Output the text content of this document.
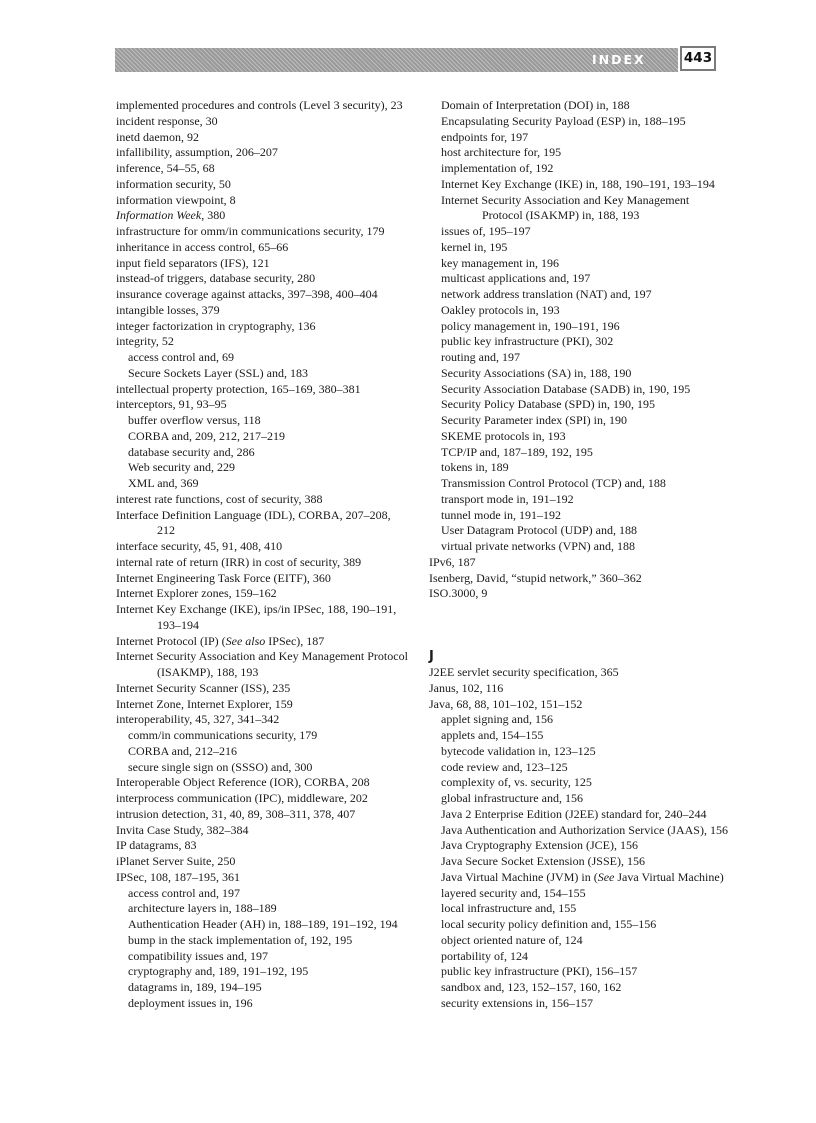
INDEX	443

implemented procedures and controls (Level 3 security), 23

incident response, 30

inetd daemon, 92

infallibility, assumption, 206–207

inference, 54–55, 68

information security, 50

information viewpoint, 8

Information Week, 380

infrastructure for omm/in communications security, 179

inheritance in access control, 65–66

input field separators (IFS), 121

instead-of triggers, database security, 280

insurance coverage against attacks, 397–398, 400–404

intangible losses, 379

integer factorization in cryptography, 136

integrity, 52

access control and, 69

Secure Sockets Layer (SSL) and, 183

intellectual property protection, 165–169, 380–381

interceptors, 91, 93–95

buffer overflow versus, 118

CORBA and, 209, 212, 217–219

database security and, 286

Web security and, 229

XML and, 369

interest rate functions, cost of security, 388

Interface Definition Language (IDL), CORBA, 207–208, 212

interface security, 45, 91, 408, 410

internal rate of return (IRR) in cost of security, 389

Internet Engineering Task Force (EITF), 360

Internet Explorer zones, 159–162

Internet Key Exchange (IKE), ips/in IPSec, 188, 190–191, 193–194

Internet Protocol (IP) (See also IPSec), 187

Internet Security Association and Key Management Protocol (ISAKMP), 188, 193

Internet Security Scanner (ISS), 235

Internet Zone, Internet Explorer, 159

interoperability, 45, 327, 341–342

comm/in communications security, 179

CORBA and, 212–216

secure single sign on (SSSO) and, 300

Interoperable Object Reference (IOR), CORBA, 208

interprocess communication (IPC), middleware, 202

intrusion detection, 31, 40, 89, 308–311, 378, 407

Invita Case Study, 382–384

IP datagrams, 83

iPlanet Server Suite, 250

IPSec, 108, 187–195, 361

access control and, 197

architecture layers in, 188–189

Authentication Header (AH) in, 188–189, 191–192, 194

bump in the stack implementation of, 192, 195

compatibility issues and, 197

cryptography and, 189, 191–192, 195

datagrams in, 189, 194–195

deployment issues in, 196

Domain of Interpretation (DOI) in, 188

Encapsulating Security Payload (ESP) in, 188–195

endpoints for, 197

host architecture for, 195

implementation of, 192

Internet Key Exchange (IKE) in, 188, 190–191, 193–194

Internet Security Association and Key Management Protocol (ISAKMP) in, 188, 193

issues of, 195–197

kernel in, 195

key management in, 196

multicast applications and, 197

network address translation (NAT) and, 197

Oakley protocols in, 193

policy management in, 190–191, 196

public key infrastructure (PKI), 302

routing and, 197

Security Associations (SA) in, 188, 190

Security Association Database (SADB) in, 190, 195

Security Policy Database (SPD) in, 190, 195

Security Parameter index (SPI) in, 190

SKEME protocols in, 193

TCP/IP and, 187–189, 192, 195

tokens in, 189

Transmission Control Protocol (TCP) and, 188

transport mode in, 191–192

tunnel mode in, 191–192

User Datagram Protocol (UDP) and, 188

virtual private networks (VPN) and, 188

IPv6, 187

Isenberg, David, “stupid network,” 360–362

ISO.3000, 9

J

J2EE servlet security specification, 365

Janus, 102, 116

Java, 68, 88, 101–102, 151–152

applet signing and, 156

applets and, 154–155

bytecode validation in, 123–125

code review and, 123–125

complexity of, vs. security, 125

global infrastructure and, 156

Java 2 Enterprise Edition (J2EE) standard for, 240–244

Java Authentication and Authorization Service (JAAS), 156

Java Cryptography Extension (JCE), 156

Java Secure Socket Extension (JSSE), 156

Java Virtual Machine (JVM) in (See Java Virtual Machine)

layered security and, 154–155

local infrastructure and, 155

local security policy definition and, 155–156

object oriented nature of, 124

portability of, 124

public key infrastructure (PKI), 156–157

sandbox and, 123, 152–157, 160, 162

security extensions in, 156–157
